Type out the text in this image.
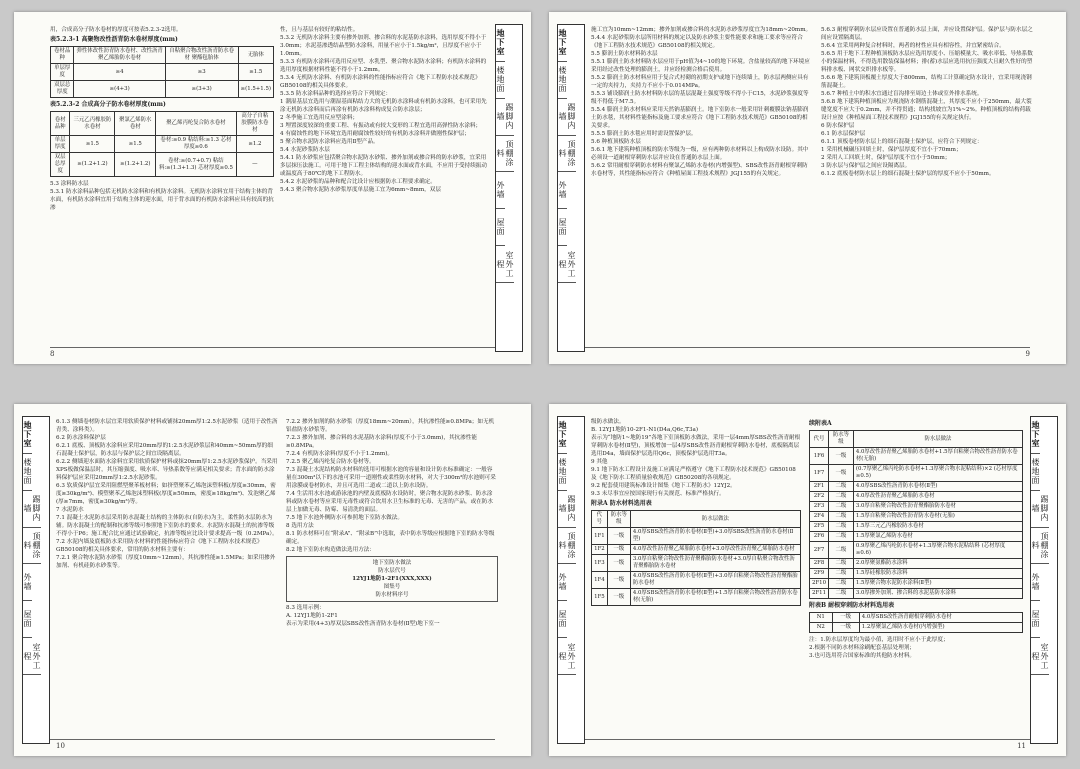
用，合成高分子防水卷材的厚度可按表5.2.3-2选用。
表5.2.3-1 高聚物改性沥青防水卷材厚度(mm)
卷材品种	弹性体改性沥青防水卷材、改性沥青聚乙烯胎防水卷材	自粘聚合物改性沥青防水卷材 聚酯毡胎体	无胎体
单层厚度	≥4	≥3	≥1.5
双层总厚度	≥(4+3)	≥(3+3)	≥(1.5+1.5)
表5.2.3-2 合成高分子防水卷材厚度(mm)
卷材品种	三元乙丙橡胶防水卷材	聚氯乙烯防水卷材	聚乙烯丙纶复合防水卷材	高分子自粘胶膜防水卷材
单层厚度	≥1.5	≥1.5	卷材:≥0.9 粘结料:≥1.3 芯材厚度≥0.6	≥1.2
双层总厚度	≥(1.2+1.2)	≥(1.2+1.2)	卷材:≥(0.7+0.7) 粘结料:≥(1.3+1.3) 芯材厚度≥0.5	—
5.3 涂料防水层
5.3.1 防水涂料品种包括无机防水涂料和有机防水涂料。无机防水涂料宜用于结构主体的背水面，有机防水涂料宜用于结构主体的迎水面，用于背水面的有机防水涂料应具有较高的抗渗
性，且与基层有较好的粘结性。
5.3.2 无机防水涂料主要有掺外加剂、掺合料的水泥基防水涂料，选用厚度不得小于3.0mm；水泥基渗透结晶型防水涂料，用量不应小于1.5kg/m²，且厚度不应小于1.0mm。
5.3.3 有机防水涂料可选用反应型、水乳型、聚合物水泥防水涂料；有机防水涂料的选用厚度根据材料性能不得小于1.2mm。
5.3.4 无机防水涂料、有机防水涂料的性能指标应符合《地下工程防水技术规范》GB50108的相关具体要求。
5.3.5 防水涂料品种的选择应符合下列规定：
1 潮湿基层宜选用与潮湿基面粘结力大的无机防水涂料或有机防水涂料，也可采用先涂无机防水涂料而后再涂有机防水涂料构成复合防水涂层；
2 冬季施工宜选用反应型涂料；
3 埋置深度较深的重要工程、有振动或有较大变形的工程宜选用高弹性防水涂料；
4 有腐蚀性的地下环境宜选用耐腐蚀性较好的有机防水涂料并做刚性保护层；
5 聚合物水泥防水涂料应选用Ⅱ型产品。
5.4 水泥砂浆防水层
5.4.1 防水砂浆应包括聚合物水泥防水砂浆、掺外加剂或掺合料的防水砂浆，宜采用多层抹压法施工。可用于地下工程主体结构的迎水面或背水面，不应用于受持续振动或温度高于80℃的地下工程防水。
5.4.2 水泥砂浆的品种和配合比设计应根据防水工程要求确定。
5.4.3 聚合物水泥防水砂浆厚度单层施工宜为6mm~8mm，双层
地下室
楼地面
踢脚内墙
顶棚涂料
外墙
屋面
室外工程
8
地下室
楼地面
踢脚内墙
顶棚涂料
外墙
屋面
室外工程
施工宜为10mm~12mm；掺外加剂或掺合料的水泥防水砂浆厚度宜为18mm~20mm。
5.4.4 水泥砂浆防水层所用材料的规定以及防水砂浆主要性能要求和施工要求等应符合《地下工程防水技术规范》GB50108的相关规定。
5.5 膨润土防水材料防水层
5.5.1 膨润土防水材料防水层应用于pH值为4~10的地下环境。含盐量较高的地下环境应采用经过改性处理的膨润土，并应经检测合格后使用。
5.5.2 膨润土防水材料应用于复合式衬砌的初期支护或地下连续墙上，防水层两侧应具有一定的夹持力，夹持力不应小于0.014MPa。
5.5.3 铺设膨润土防水材料防水层的基层混凝土强度等级不得小于C15，水泥砂浆强度等级不得低于M7.5。
5.5.4 膨润土防水材料应采用天然钠基膨润土。地下室防水一般采用针刺覆膜法钠基膨润土防水毯，其材料性能指标及施工要求应符合《地下工程防水技术规范》GB50108的相关要求。
5.5.5 膨润土防水毯应用时需设置保护层。
5.6 种植顶板防水层
5.6.1 地下建筑种植顶板的防水等级为一级，应有两种防水材料以上构成防水设防。其中必须设一道耐根穿刺防水层并应设在普通防水层上面。
5.6.2 常用耐根穿刺防水材料有聚氯乙烯防水卷材(内增强型)、SBS改性沥青耐根穿刺防水卷材等，其性能指标应符合《种植屋面工程技术规程》JGJ155的有关规定。
5.6.3 耐根穿刺防水层应设置在普通防水层上面，并应设置保护层。保护层与防水层之间应设置隔离层。
5.6.4 宜采用两种复合材料时，两者的材性应具有相容性，并宜紧密结合。
5.6.5 用于地下工程种植顶板防水层应选用厚度小、压缩模量大、吸水率低、导热系数小的保温材料，不得选用散装保温材料；排(蓄)水层应选用抗压强度大且耐久性好的塑料排水板、网状交织排水板等。
5.6.6 地下建筑顶板覆土厚度大于800mm，结构工计算确定防水设计，宜采用现浇钢筋混凝土。
5.6.7 种植土中的积水宜通过盲沟排至周边土体或室外排水系统。
5.6.8 地下建筑种植顶板应为现浇防水钢筋混凝土，其厚度不应小于250mm，最大裂缝宽度不应大于0.2mm，并不得贯通；结构找坡宜为1%~2%。种植顶板的结构荷载设计应按《种植屋面工程技术规程》JGJ155的有关规定执行。
6 防水保护层
6.1 防水层保护层
6.1.1 顶板卷材防水层上的细石混凝土保护层，应符合下列规定：
1 采用机械碾压回填土时，保护层厚度不宜小于70mm；
2 采用人工回填土时，保护层厚度不宜小于50mm；
3 防水层与保护层之间应设隔离层。
6.1.2 底板卷材防水层上的细石混凝土保护层的厚度不应小于50mm。
9
地下室
楼地面
踢脚内墙
顶棚涂料
外墙
屋面
室外工程
6.1.3 侧墙卷材防水层宜采用软质保护材料或铺抹20mm厚1:2.5水泥砂浆（适用于改性沥青类、涂料类）。
6.2 防水涂料保护层
6.2.1 底板、顶板防水涂料应采用20mm厚的1:2.5水泥砂浆层和40mm~50mm厚的细石混凝土保护层，防水层与保护层之间宜设隔离层。
6.2.2 侧墙迎水面防水涂料宜采用软质保护材料或抹20mm厚1:2.5水泥砂浆保护。当采用XPS板做保温层时，其压缩强度、吸水率、导热系数等应满足相关要求；背水面的防水涂料保护层应采用20mm厚1:2.5水泥砂浆。
6.3 软质保护层宜采用阻燃型聚苯板材料；如挤塑聚苯乙烯泡沫塑料板(厚度≥30mm，密度≥30kg/m³)、模塑聚苯乙烯泡沫塑料板(厚度≥50mm，密度≥18kg/m³)、发泡聚乙烯(厚≥7mm，密度≥30kg/m³)等。
7 水泥防水
7.1 混凝土水泥防水层采用防水混凝土结构的主体防水(自防水)为主，柔性防水层防水为辅。防水混凝土的配制和抗渗等级可参照地下室防水的要求。水泥防水混凝土的抗渗等级不得小于P6；施工配合比应通过试验确定，抗渗等级应比设计要求提高一级（0.2MPa）。
7.2 水泥内墙及底板防水采用防水材料的性能指标应符合《地下工程防水技术规范》GB50108的相关具体要求，常用的防水材料主要有：
7.2.1 聚合物水泥防水砂浆（厚度10mm~12mm），其抗渗性能≥1.5MPa；如采用掺外加剂、有机硅防水砂浆等。
7.2.2 掺外加剂的防水砂浆（厚度18mm~20mm），其抗渗性能≥0.8MPa；如无机铝盐防水砂浆等。
7.2.3 掺外加剂、掺合料的水泥基防水涂料(厚度不小于3.0mm)，其抗渗性能≥0.8MPa。
7.2.4 有机防水涂料(厚度不小于1.2mm)。
7.2.5 聚乙烯丙纶复合防水卷材等。
7.3 混凝土水泥结构防水材料的选用可根据水池的容量和设计防水标准确定：一般容量在300m³以下的水池可采用一道刚性或柔性防水材料，对大于300m³的水池则可采用涂膜或卷材防水，并且可选用二道或二道以上防水设防。
7.4 生活用水水池或游泳池的内壁及底板防水设防时，聚合物水泥防水砂浆、防水涂料或防水卷材等应采用无毒性或符合饮用水卫生标准的无毒、无害的产品，或在防水层上加做无毒、防霉、易清洗的面层。
7.5 地下水池外侧防水可参照地下室防水做法。
8 选用方法
8.1 防水材料可在“附录A”、“附录B”中选取，表中防水等级应根据地下室的防水等级确定。
8.2 地下室防水构造做法选用方法：
地下室防水做法
防水层代号
12YJ1地防1-2F1(XXX,XXX)
图集号
防水材料序号
8.3 选用示例：
A. 12YJ1地防1-2F1
表示为采用(4+3)厚双层SBS改性沥青防水卷材(Ⅱ型)地下室一
10
地下室
楼地面
踢脚内墙
顶棚涂料
外墙
屋面
室外工程
地下室
楼地面
踢脚内墙
顶棚涂料
外墙
屋面
室外工程
级防水做法。
B. 12YJ1地防10-2F1-N1(D4a,Q6c,T3a)
表示为“地防1~地防19”各地下室顶板防水做法，采用一层4mm厚SBS改性沥青耐根穿刺防水卷材(Ⅱ型)，顶板增加一层4厚SBS改性沥青耐根穿刺防水卷材，底板隔离层选用D4a，墙面保护层选用Q6c，顶板保护层选用T3a。
9 其他
9.1 地下防水工程设计及施工应满足严格遵守《地下工程防水技术规范》GB50108及《地下防水工程质量验收规范》GB50208的各项规定。
9.2 配套使用建筑标准设计图集《地下工程防水》12YJ2。
9.3 未尽事宜应按国家现行有关规范、标准严格执行。
附录A 防水材料选用表
代号	防水等级	防水层做法
1F1	一级	4.0厚SBS改性沥青防水卷材(Ⅱ型)+3.0厚SBS改性沥青防水卷材(Ⅱ型)
1F2	一级	4.0厚改性沥青聚乙烯胎防水卷材+3.0厚改性沥青聚乙烯胎防水卷材
1F3	一级	3.0厚自粘聚合物改性沥青聚酯胎防水卷材+3.0厚自粘聚合物改性沥青聚酯胎防水卷材
1F4	一级	4.0厚SBS改性沥青防水卷材(Ⅱ型)+3.0厚自粘聚合物改性沥青聚酯胎防水卷材
1F5	一级	4.0厚SBS改性沥青防水卷材(Ⅱ型)+1.5厚自粘聚合物改性沥青防水卷材(无胎)
续附表A
代号	防水等级	防水层做法
1F6	一级	4.0厚改性沥青聚乙烯胎防水卷材+1.5厚自粘聚合物改性沥青防水卷材(无胎)
1F7	一级	(0.7厚聚乙烯丙纶防水卷材+1.3厚聚合物水泥粘结料)×2 (芯材厚度≥0.5)
2F1	二级	4.0厚SBS改性沥青防水卷材(Ⅱ型)
2F2	二级	4.0厚改性沥青聚乙烯胎防水卷材
2F3	二级	3.0厚自粘聚合物改性沥青聚酯胎防水卷材
2F4	二级	1.5厚自粘聚合物改性沥青防水卷材(无胎)
2F5	二级	1.5厚三元乙丙橡胶防水卷材
2F6	二级	1.5厚聚氯乙烯防水卷材
2F7	二级	0.9厚聚乙烯丙纶防水卷材+1.3厚聚合物水泥粘结料 (芯材厚度≥0.6)
2F8	二级	2.0厚聚氨酯防水涂料
2F9	二级	1.5厚硅橡胶防水涂料
2F10	二级	1.5厚聚合物水泥防水涂料(Ⅱ型)
2F11	二级	3.0厚掺外加剂、掺合料的水泥基防水涂料
附表B 耐根穿刺防水材料选用表
N1	一级	4.0厚SBS改性沥青耐根穿刺防水卷材
N2	一级	1.2厚聚氯乙烯防水卷材(内增强型)
注：1.防水层厚度均为最小值，选用时不应小于此厚度；
2.根据不同防水材料涂刷配套基层处理剂；
3.也可选用符合国家标准的其他防水材料。
11
